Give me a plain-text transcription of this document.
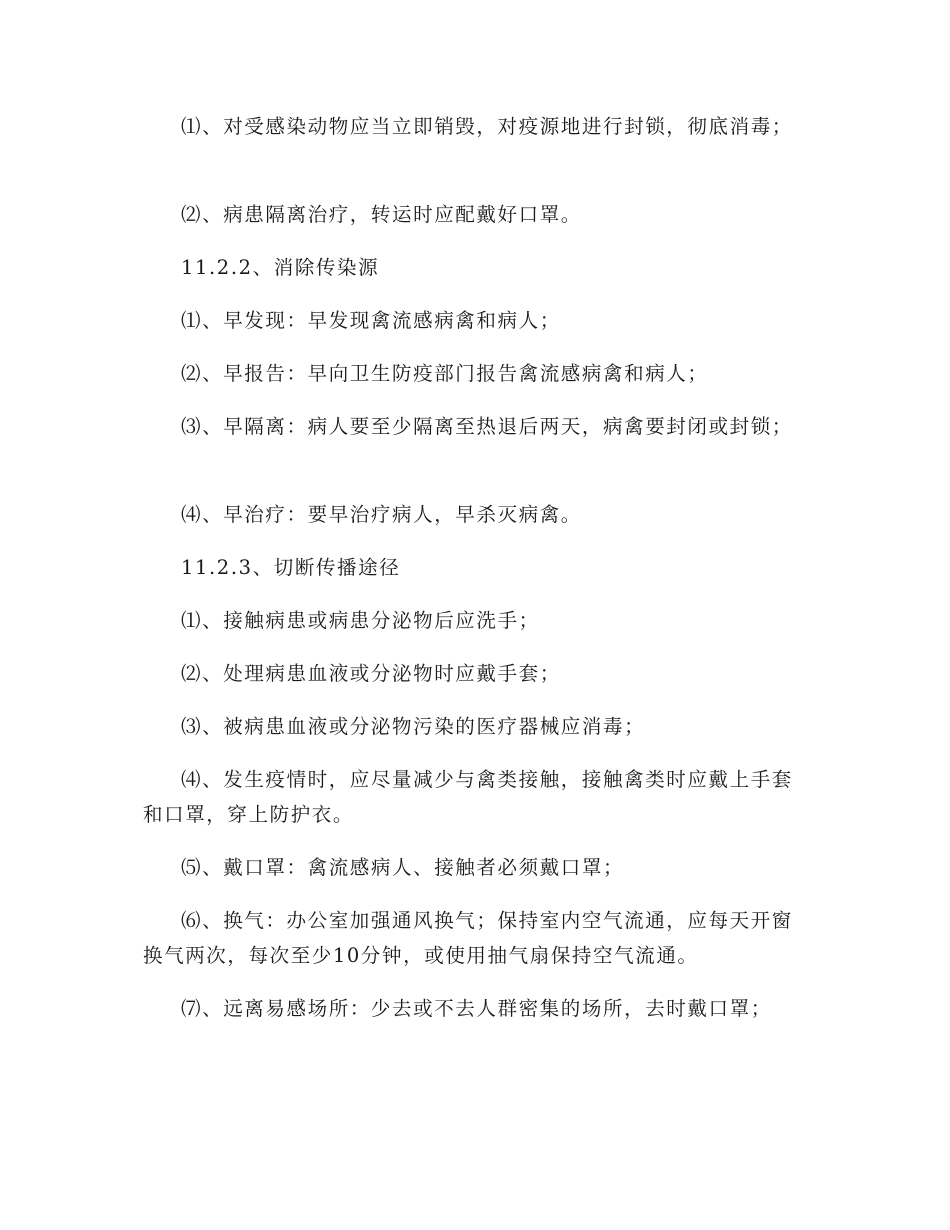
⑴、对受感染动物应当立即销毁，对疫源地进行封锁，彻底消毒；

⑵、病患隔离治疗，转运时应配戴好口罩。

11.2.2、消除传染源

⑴、早发现：早发现禽流感病禽和病人；

⑵、早报告：早向卫生防疫部门报告禽流感病禽和病人；

⑶、早隔离：病人要至少隔离至热退后两天，病禽要封闭或封锁；

⑷、早治疗：要早治疗病人，早杀灭病禽。

11.2.3、切断传播途径

⑴、接触病患或病患分泌物后应洗手；

⑵、处理病患血液或分泌物时应戴手套；

⑶、被病患血液或分泌物污染的医疗器械应消毒；

⑷、发生疫情时，应尽量减少与禽类接触，接触禽类时应戴上手套和口罩，穿上防护衣。

⑸、戴口罩：禽流感病人、接触者必须戴口罩；

⑹、换气：办公室加强通风换气；保持室内空气流通，应每天开窗换气两次，每次至少10分钟，或使用抽气扇保持空气流通。

⑺、远离易感场所：少去或不去人群密集的场所，去时戴口罩；
